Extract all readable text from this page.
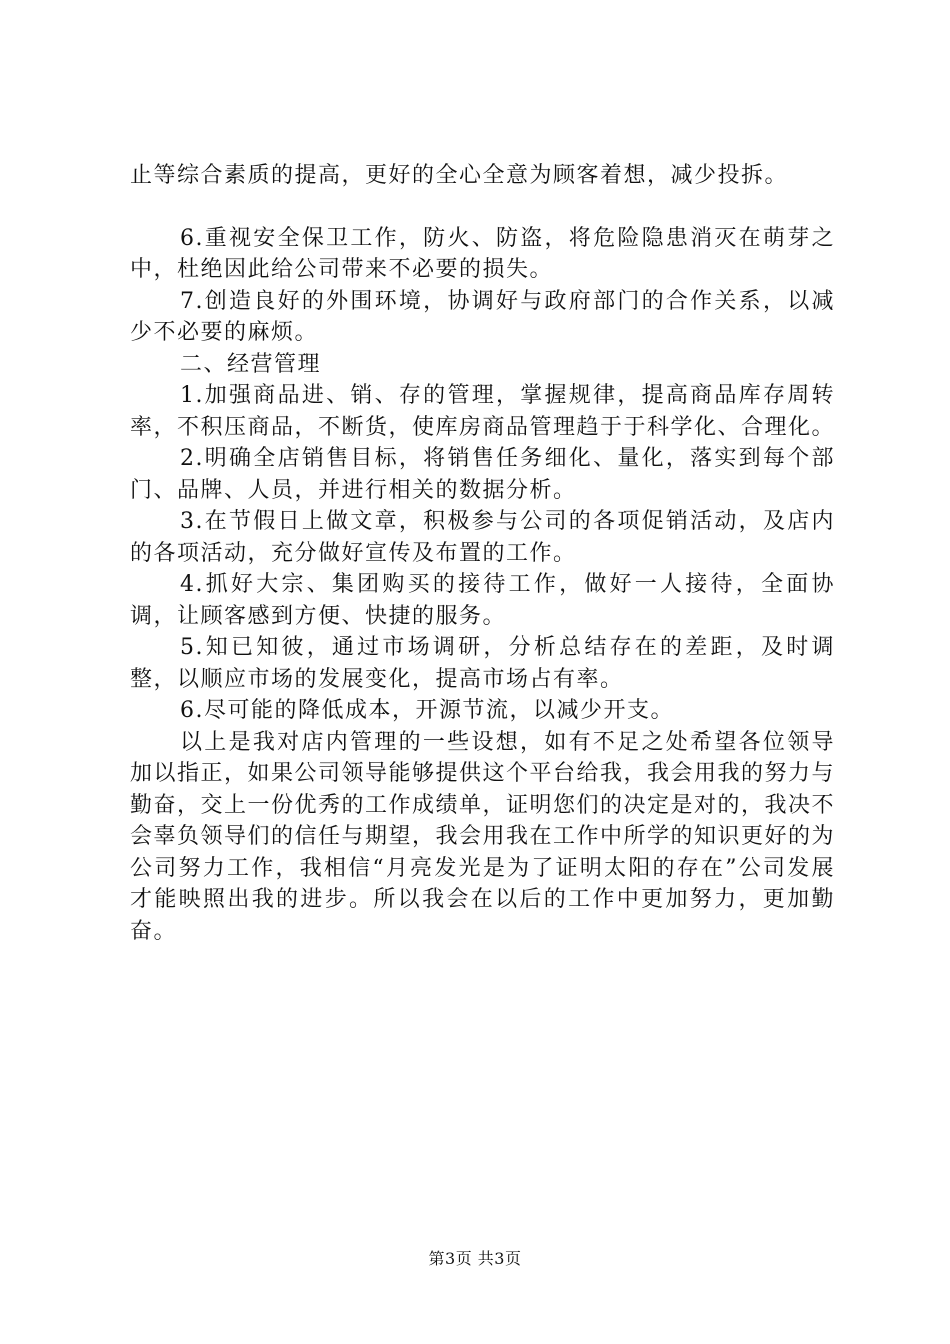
止等综合素质的提高，更好的全心全意为顾客着想，减少投拆。

6.重视安全保卫工作，防火、防盗，将危险隐患消灭在萌芽之中，杜绝因此给公司带来不必要的损失。

7.创造良好的外围环境，协调好与政府部门的合作关系，以减少不必要的麻烦。

二、经营管理

1.加强商品进、销、存的管理，掌握规律，提高商品库存周转率，不积压商品，不断货，使库房商品管理趋于于科学化、合理化。

2.明确全店销售目标，将销售任务细化、量化，落实到每个部门、品牌、人员，并进行相关的数据分析。

3.在节假日上做文章，积极参与公司的各项促销活动，及店内的各项活动，充分做好宣传及布置的工作。

4.抓好大宗、集团购买的接待工作，做好一人接待，全面协调，让顾客感到方便、快捷的服务。

5.知已知彼，通过市场调研，分析总结存在的差距，及时调整，以顺应市场的发展变化，提高市场占有率。

6.尽可能的降低成本，开源节流，以减少开支。

以上是我对店内管理的一些设想，如有不足之处希望各位领导加以指正，如果公司领导能够提供这个平台给我，我会用我的努力与勤奋，交上一份优秀的工作成绩单，证明您们的决定是对的，我决不会辜负领导们的信任与期望，我会用我在工作中所学的知识更好的为公司努力工作，我相信“月亮发光是为了证明太阳的存在”公司发展才能映照出我的进步。所以我会在以后的工作中更加努力，更加勤奋。

第3页 共3页
